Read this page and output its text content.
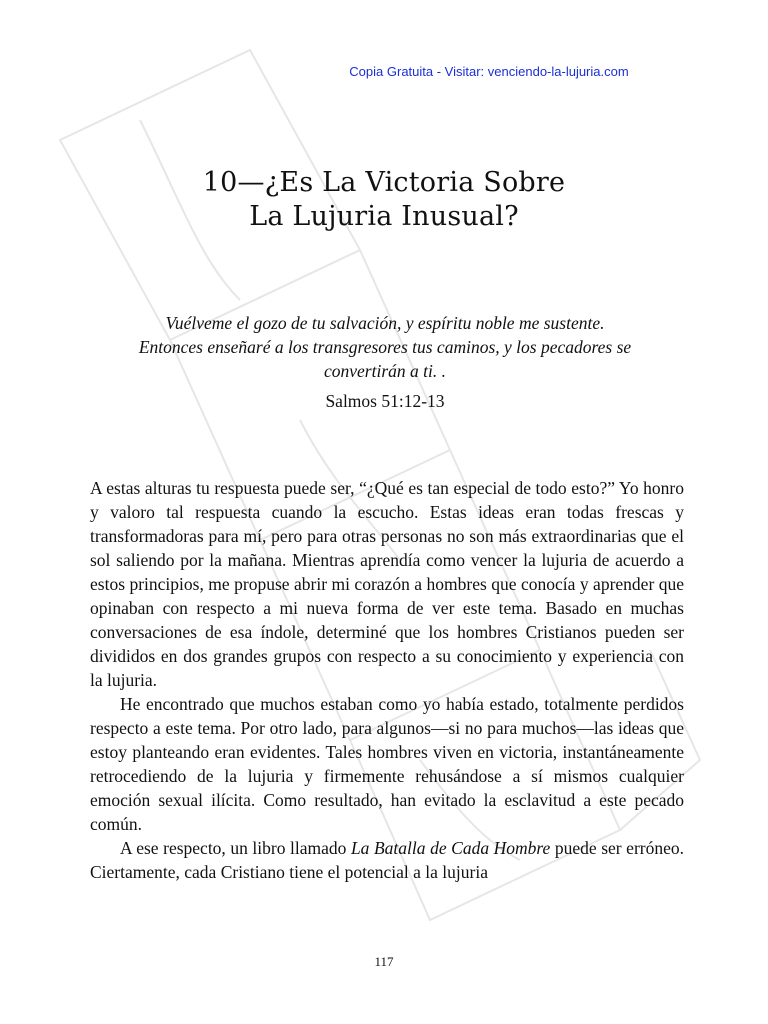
Copia Gratuita - Visitar: venciendo-la-lujuria.com
10—¿Es La Victoria Sobre
La Lujuria Inusual?
Vuélveme el gozo de tu salvación, y espíritu noble me sustente.
Entonces enseñaré a los transgresores tus caminos, y los pecadores se convertirán a ti. .
Salmos 51:12-13

A estas alturas tu respuesta puede ser, “¿Qué es tan especial de todo esto?” Yo honro y valoro tal respuesta cuando la escucho. Estas ideas eran todas frescas y transformadoras para mí, pero para otras personas no son más extraordinarias que el sol saliendo por la mañana. Mientras aprendía como vencer la lujuria de acuerdo a estos principios, me propuse abrir mi corazón a hombres que conocía y aprender que opinaban con respecto a mi nueva forma de ver este tema. Basado en muchas conversaciones de esa índole, determiné que los hombres Cristianos pueden ser divididos en dos grandes grupos con respecto a su conocimiento y experiencia con la lujuria.

He encontrado que muchos estaban como yo había estado, totalmente perdidos respecto a este tema. Por otro lado, para algunos—si no para muchos—las ideas que estoy planteando eran evidentes. Tales hombres viven en victoria, instantáneamente retrocediendo de la lujuria y firmemente rehusándose a sí mismos cualquier emoción sexual ilícita. Como resultado, han evitado la esclavitud a este pecado común.

A ese respecto, un libro llamado La Batalla de Cada Hombre puede ser erróneo. Ciertamente, cada Cristiano tiene el potencial a la lujuria

117
